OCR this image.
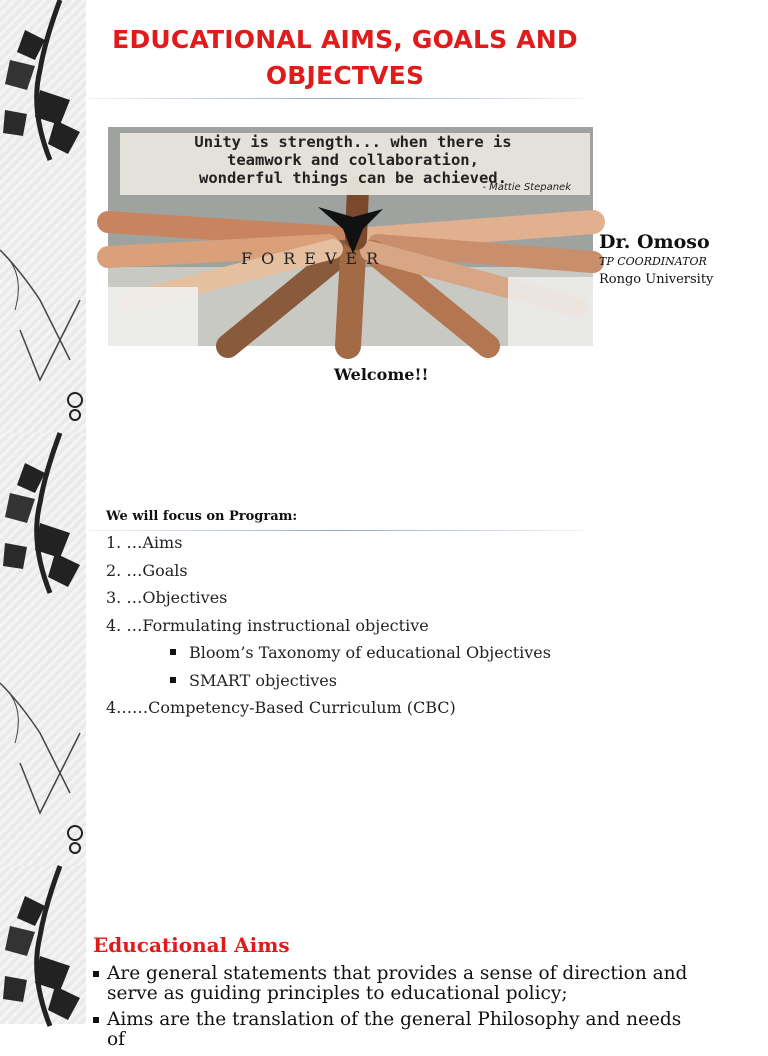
EDUCATIONAL AIMS, GOALS AND OBJECTVES
Unity is strength... when there is
teamwork and collaboration,
wonderful things can be achieved.
- Mattie Stepanek
FOREVER
Dr. Omoso
TP COORDINATOR
Rongo University
Welcome!!
We will focus on Program:
1. …Aims
2. …Goals
3. …Objectives
4. …Formulating instructional objective
Bloom’s Taxonomy of educational Objectives
SMART objectives
4……Competency-Based Curriculum (CBC)
Educational Aims
Are general statements that provides a sense of direction and serve as guiding principles to educational policy;
Aims are the translation of the general Philosophy and needs of
